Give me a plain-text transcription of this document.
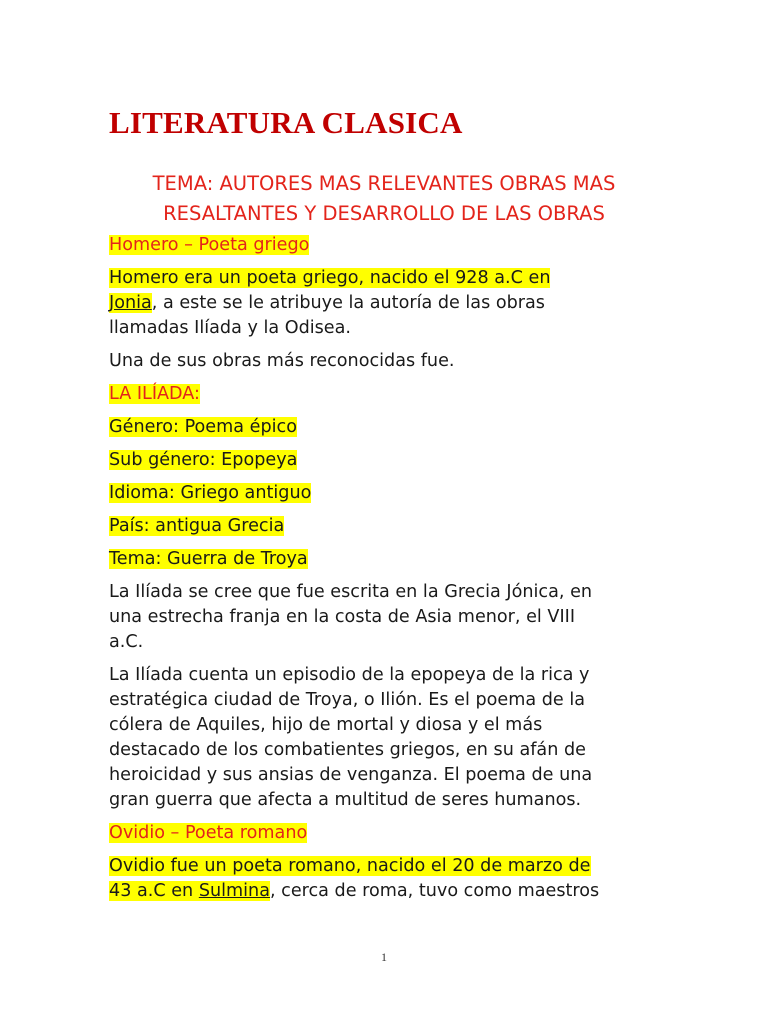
LITERATURA CLASICA
TEMA: AUTORES MAS RELEVANTES OBRAS MAS RESALTANTES Y DESARROLLO DE LAS OBRAS

Homero – Poeta griego

Homero era un poeta griego, nacido el 928 a.C en

Jonia, a este se le atribuye la autoría de las obras

llamadas Ilíada y la Odisea.

Una de sus obras más reconocidas fue.

LA ILÍADA:

Género: Poema épico

Sub género: Epopeya

Idioma: Griego antiguo

País: antigua Grecia

Tema: Guerra de Troya

La Ilíada se cree que fue escrita en la Grecia Jónica, en

una estrecha franja en la costa de Asia menor, el VIII

a.C.

La Ilíada cuenta un episodio de la epopeya de la rica y

estratégica ciudad de Troya, o Ilión. Es el poema de la

cólera de Aquiles, hijo de mortal y diosa y el más

destacado de los combatientes griegos, en su afán de

heroicidad y sus ansias de venganza. El poema de una

gran guerra que afecta a multitud de seres humanos.

Ovidio – Poeta romano

Ovidio fue un poeta romano, nacido el 20 de marzo de

43 a.C en Sulmina, cerca de roma, tuvo como maestros

1
